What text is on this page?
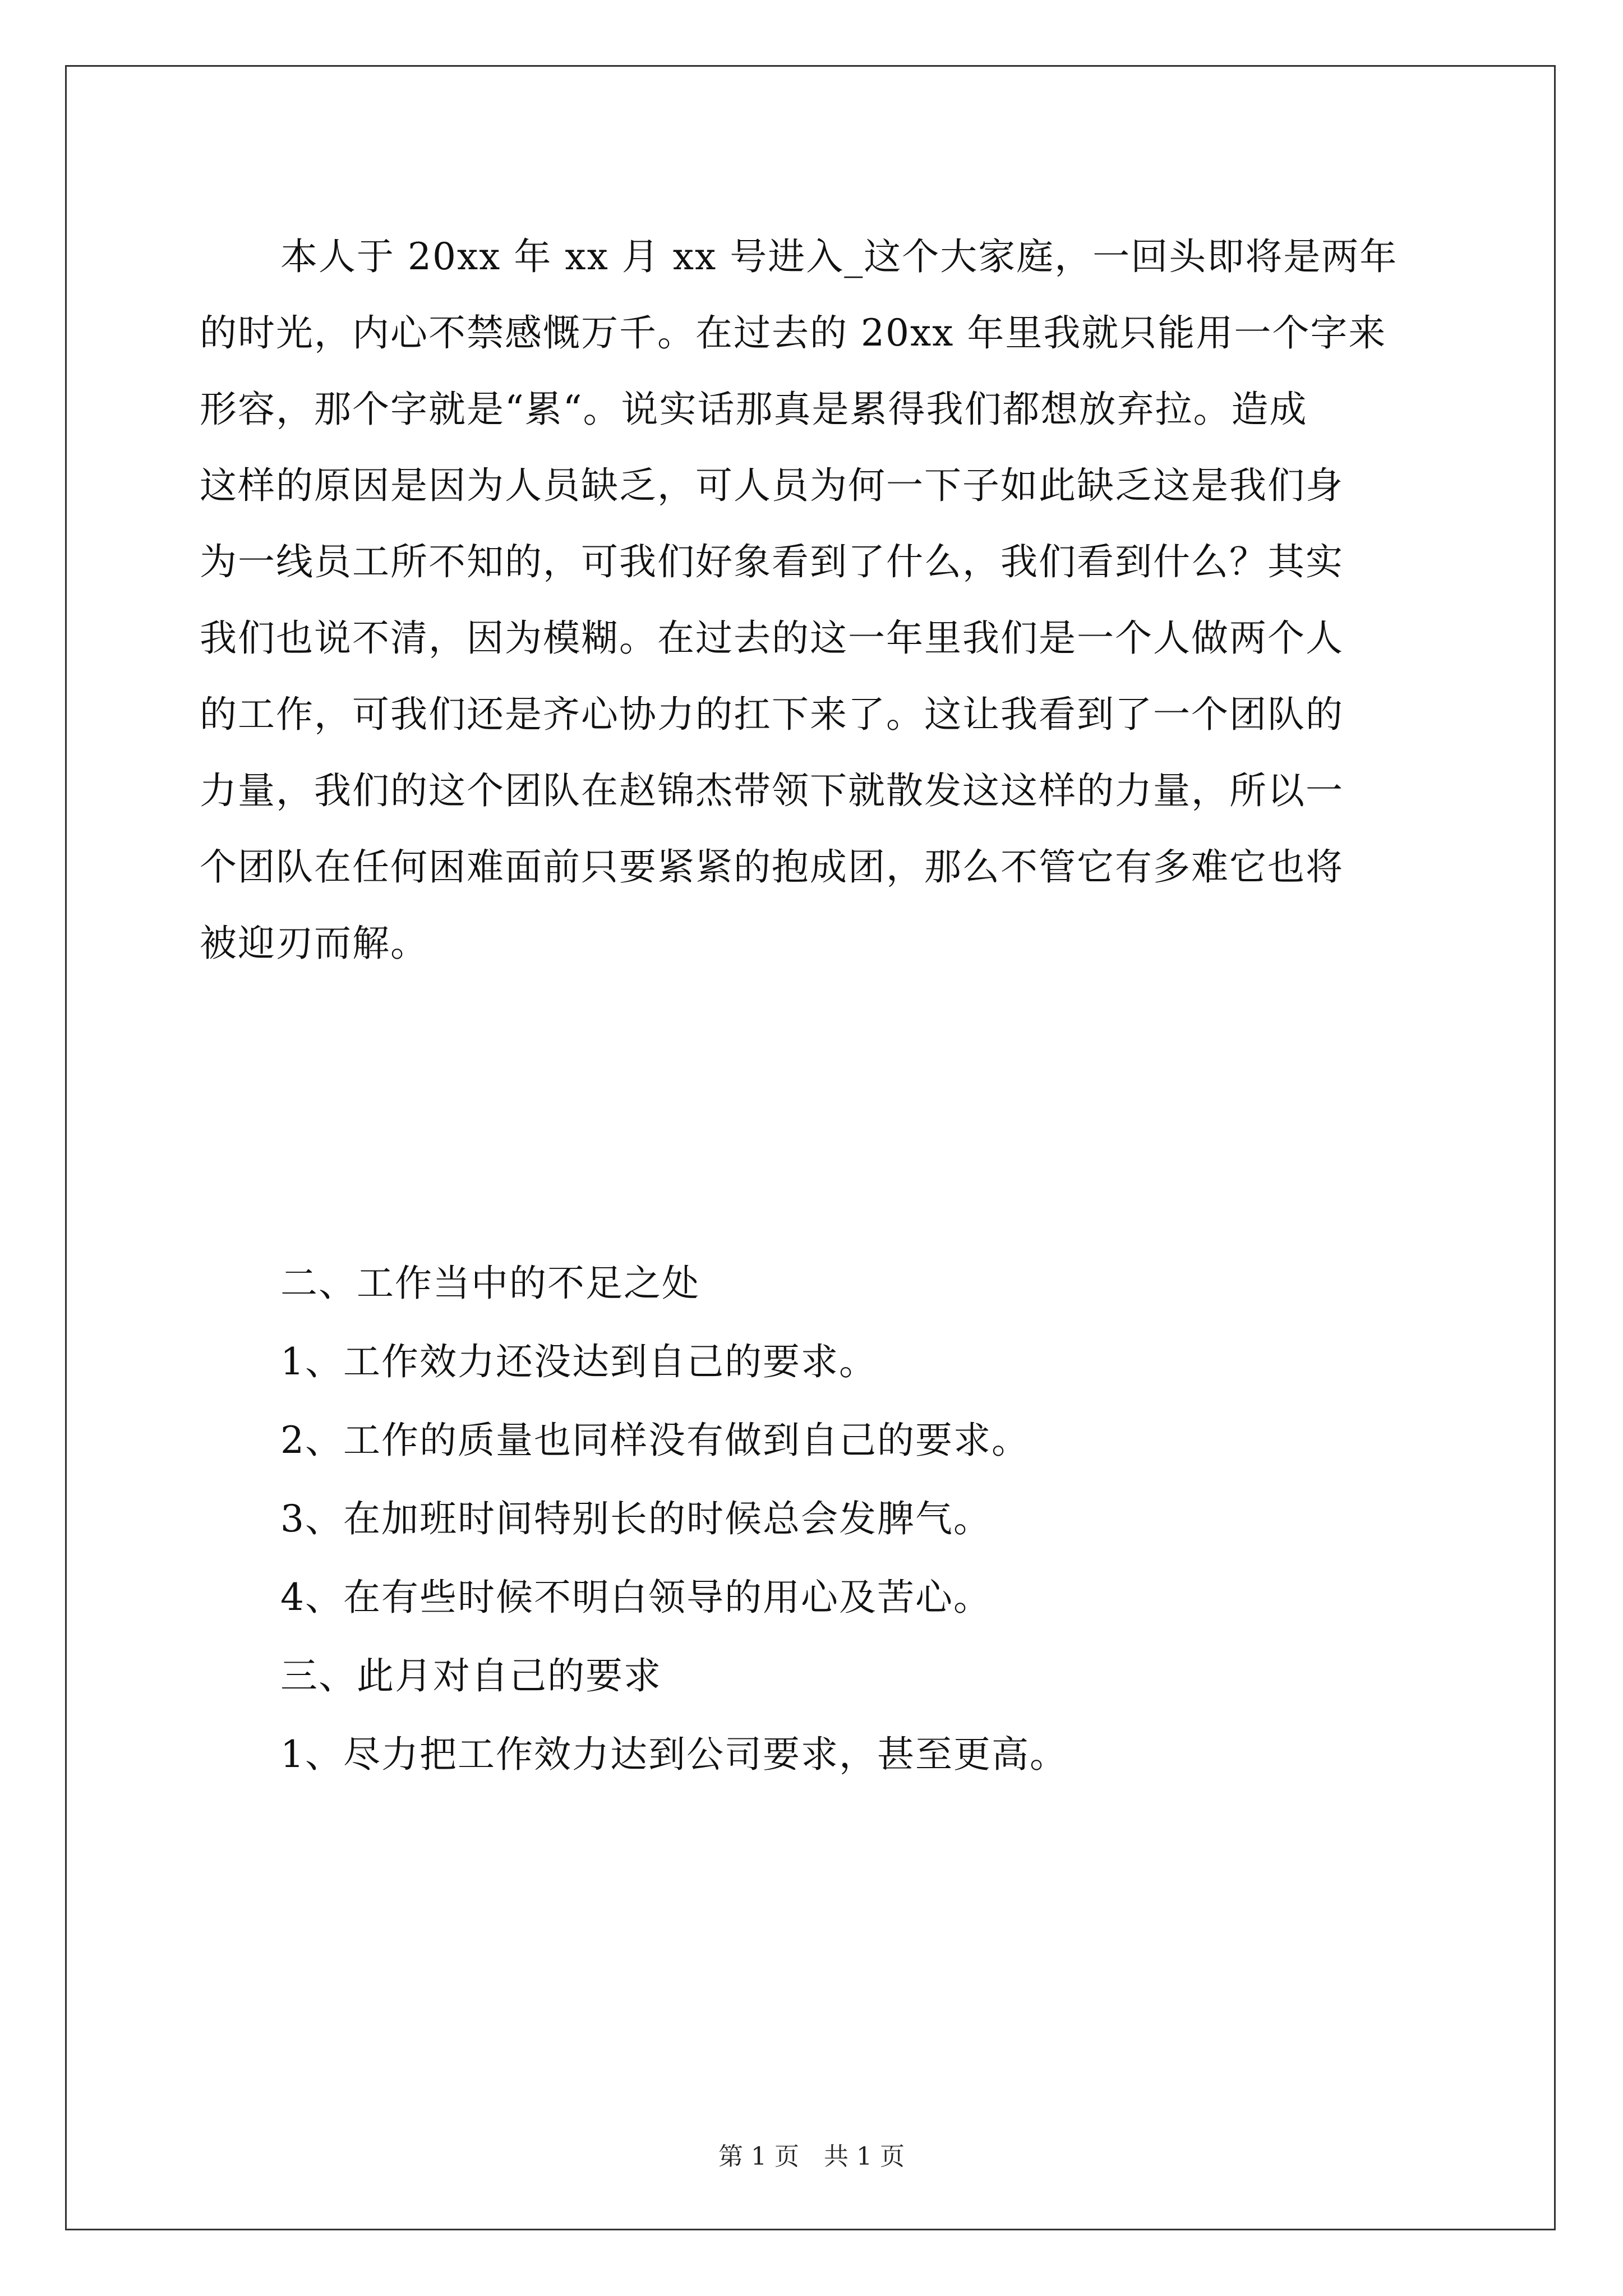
本人于 20xx 年 xx 月 xx 号进入_这个大家庭，一回头即将是两年
的时光，内心不禁感慨万千。在过去的 20xx 年里我就只能用一个字来
形容，那个字就是“累“。说实话那真是累得我们都想放弃拉。造成
这样的原因是因为人员缺乏，可人员为何一下子如此缺乏这是我们身
为一线员工所不知的，可我们好象看到了什么，我们看到什么？其实
我们也说不清，因为模糊。在过去的这一年里我们是一个人做两个人
的工作，可我们还是齐心协力的扛下来了。这让我看到了一个团队的
力量，我们的这个团队在赵锦杰带领下就散发这这样的力量，所以一
个团队在任何困难面前只要紧紧的抱成团，那么不管它有多难它也将
被迎刃而解。

二、工作当中的不足之处

1、工作效力还没达到自己的要求。

2、工作的质量也同样没有做到自己的要求。

3、在加班时间特别长的时候总会发脾气。

4、在有些时候不明白领导的用心及苦心。

三、此月对自己的要求

1、尽力把工作效力达到公司要求，甚至更高。

第 1 页　共 1 页
